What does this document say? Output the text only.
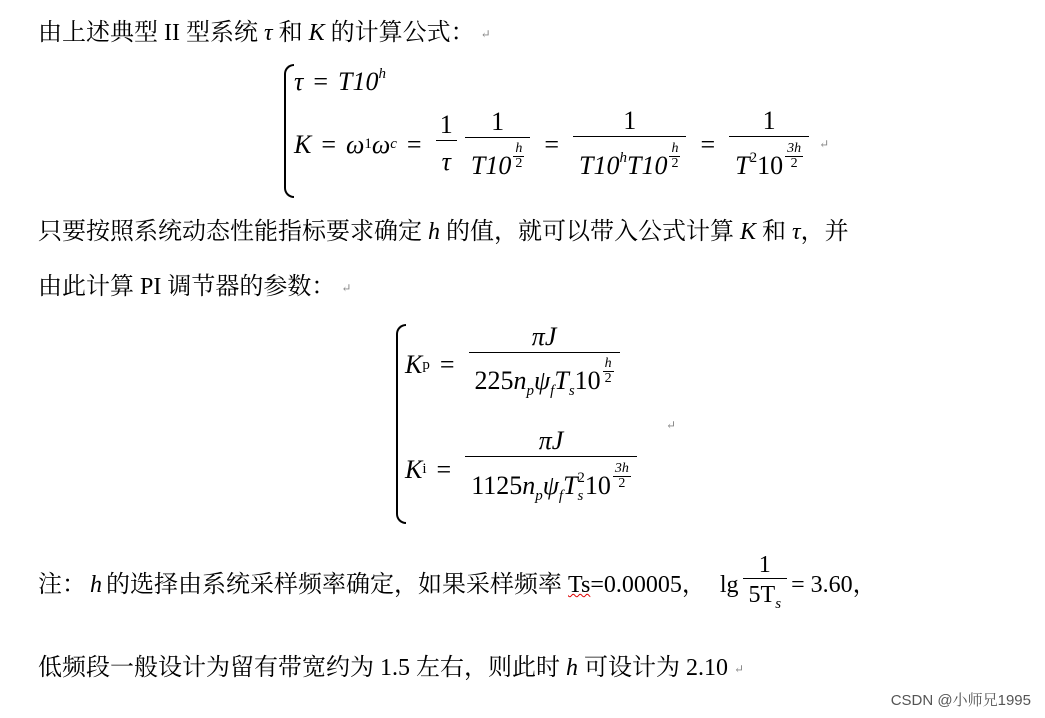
由上述典型 II 型系统 τ 和 K 的计算公式： ↵
$\tau = T10^h$
K = ω 1 ω $c = \frac{1}{\tau} \frac{1}{T10 \frac{h}{2}} = \frac{1}{T10^hT10 \frac{h}{2}} = \frac{1}{T^210 \frac{3h}{2}}$ ↵
只要按照系统动态性能指标要求确定 h 的值，就可以带入公式计算 K 和 τ，并
由此计算 PI 调节器的参数： ↵
K $p = \frac{\pi J}{225n_p\psi_fT_s10 \frac{h}{2}}$
K $i = \frac{\pi J}{1125n_p\psi_fT_s^210 \frac{3h}{2}}$
↵
注： h 的选择由系统采样频率确定，如果采样频率 Ts =0.00005， $\lg \frac{1}{5T_s} = 3.60$，
低频段一般设计为留有带宽约为 1.5 左右，则此时 h 可设计为 2.10 ↵
CSDN @小师兄1995
